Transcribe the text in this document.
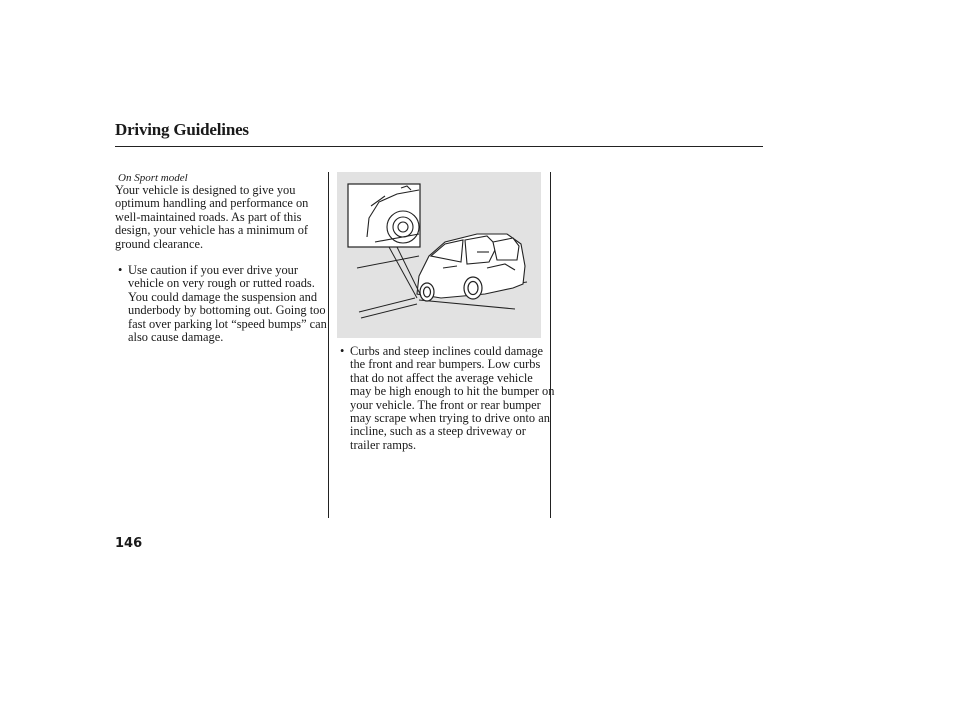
Driving Guidelines
On Sport model

Your vehicle is designed to give you optimum handling and performance on well-maintained roads. As part of this design, your vehicle has a minimum of ground clearance.

• Use caution if you ever drive your vehicle on very rough or rutted roads. You could damage the suspension and underbody by bottoming out. Going too fast over parking lot “speed bumps” can also cause damage.

• Curbs and steep inclines could damage the front and rear bumpers. Low curbs that do not affect the average vehicle may be high enough to hit the bumper on your vehicle. The front or rear bumper may scrape when trying to drive onto an incline, such as a steep driveway or trailer ramps.

146
